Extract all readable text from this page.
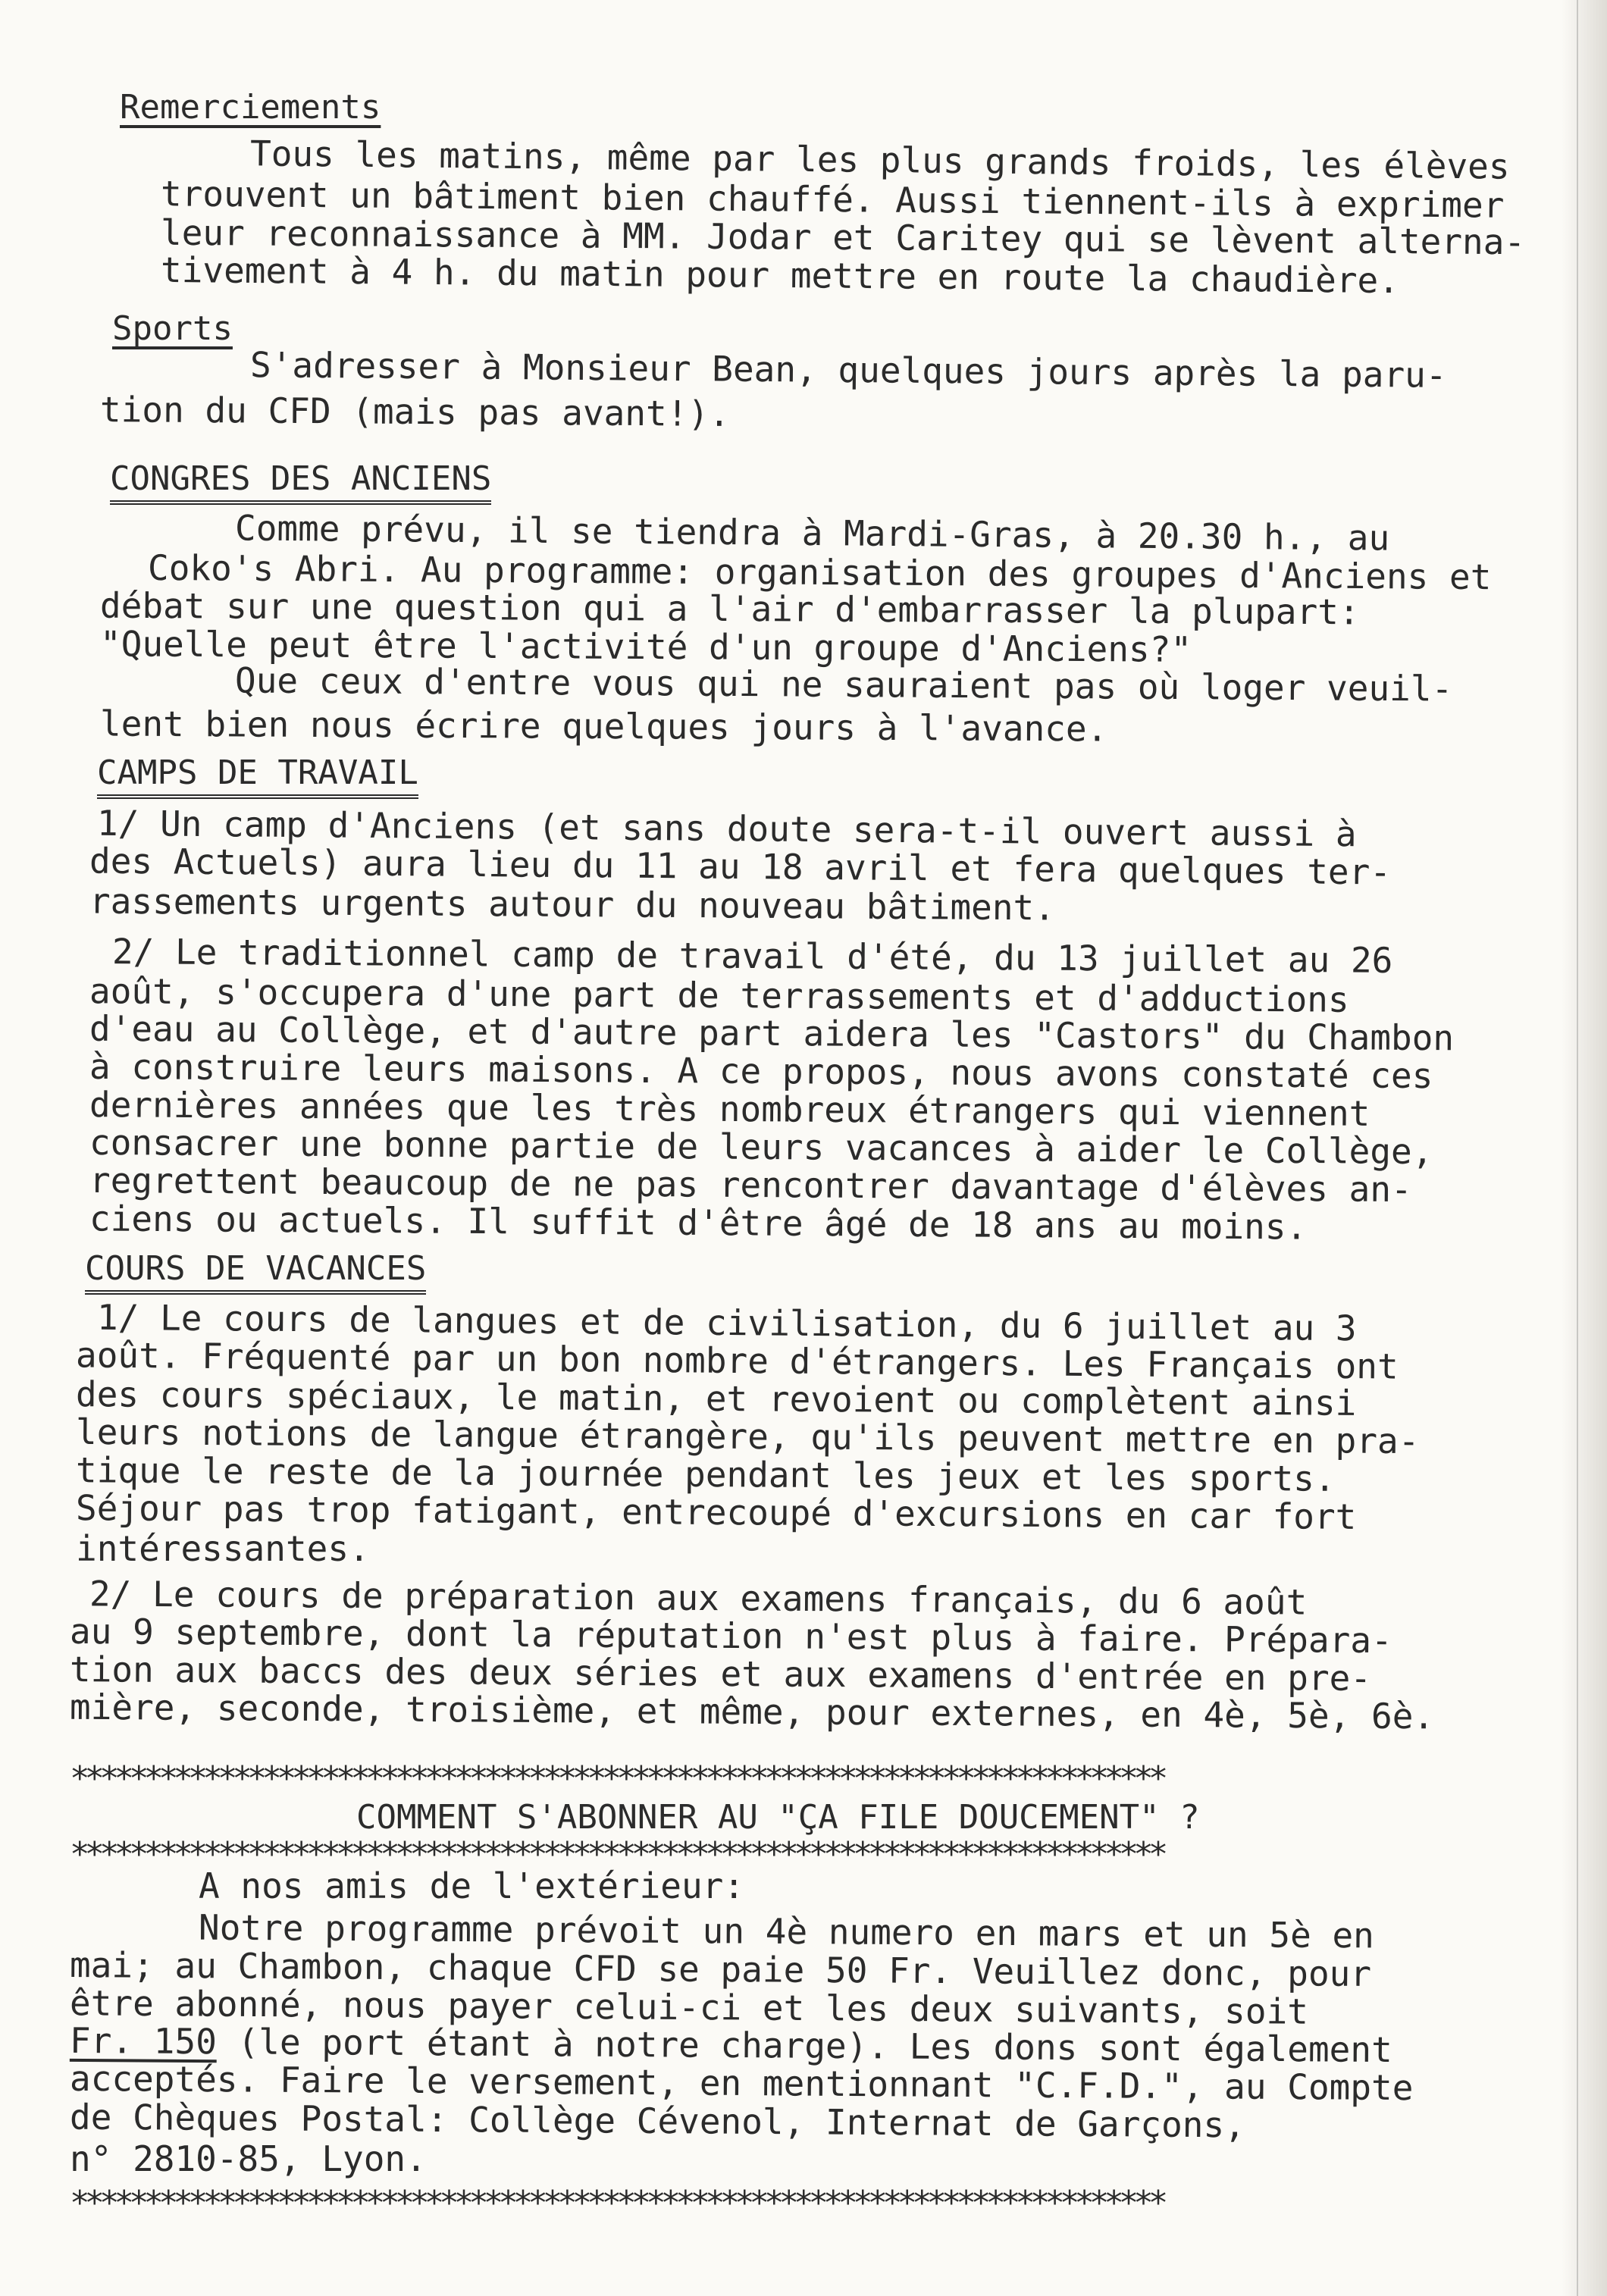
Remerciements
Tous les matins, même par les plus grands froids, les élèves
trouvent un bâtiment bien chauffé. Aussi tiennent-ils à exprimer
leur reconnaissance à MM. Jodar et Caritey qui se lèvent alterna-
tivement à 4 h. du matin pour mettre en route la chaudière.
Sports
S'adresser à Monsieur Bean, quelques jours après la paru-
tion du CFD (mais pas avant!).
CONGRES DES ANCIENS
Comme prévu, il se tiendra à Mardi-Gras, à 20.30 h., au
Coko's Abri. Au programme: organisation des groupes d'Anciens et
débat sur une question qui a l'air d'embarrasser la plupart:
"Quelle peut être l'activité d'un groupe d'Anciens?"
Que ceux d'entre vous qui ne sauraient pas où loger veuil-
lent bien nous écrire quelques jours à l'avance.
CAMPS DE TRAVAIL
1/ Un camp d'Anciens (et sans doute sera-t-il ouvert aussi à
des Actuels) aura lieu du 11 au 18 avril et fera quelques ter-
rassements urgents autour du nouveau bâtiment.
2/ Le traditionnel camp de travail d'été, du 13 juillet au 26
août, s'occupera d'une part de terrassements et d'adductions
d'eau au Collège, et d'autre part aidera les "Castors" du Chambon
à construire leurs maisons. A ce propos, nous avons constaté ces
dernières années que les très nombreux étrangers qui viennent
consacrer une bonne partie de leurs vacances à aider le Collège,
regrettent beaucoup de ne pas rencontrer davantage d'élèves an-
ciens ou actuels. Il suffit d'être âgé de 18 ans au moins.
COURS DE VACANCES
1/ Le cours de langues et de civilisation, du 6 juillet au 3
août. Fréquenté par un bon nombre d'étrangers. Les Français ont
des cours spéciaux, le matin, et revoient ou complètent ainsi
leurs notions de langue étrangère, qu'ils peuvent mettre en pra-
tique le reste de la journée pendant les jeux et les sports.
Séjour pas trop fatigant, entrecoupé d'excursions en car fort
intéressantes.
2/ Le cours de préparation aux examens français, du 6 août
au 9 septembre, dont la réputation n'est plus à faire. Prépara-
tion aux baccs des deux séries et aux examens d'entrée en pre-
mière, seconde, troisième, et même, pour externes, en 4è, 5è, 6è.
**************************************************************************
COMMENT S'ABONNER AU "ÇA FILE DOUCEMENT" ?
**************************************************************************
A nos amis de l'extérieur:
Notre programme prévoit un 4è numero en mars et un 5è en
mai; au Chambon, chaque CFD se paie 50 Fr. Veuillez donc, pour
être abonné, nous payer celui-ci et les deux suivants, soit
Fr. 150 (le port étant à notre charge). Les dons sont également
acceptés. Faire le versement, en mentionnant "C.F.D.", au Compte
de Chèques Postal: Collège Cévenol, Internat de Garçons,
n° 2810-85, Lyon.
**************************************************************************
